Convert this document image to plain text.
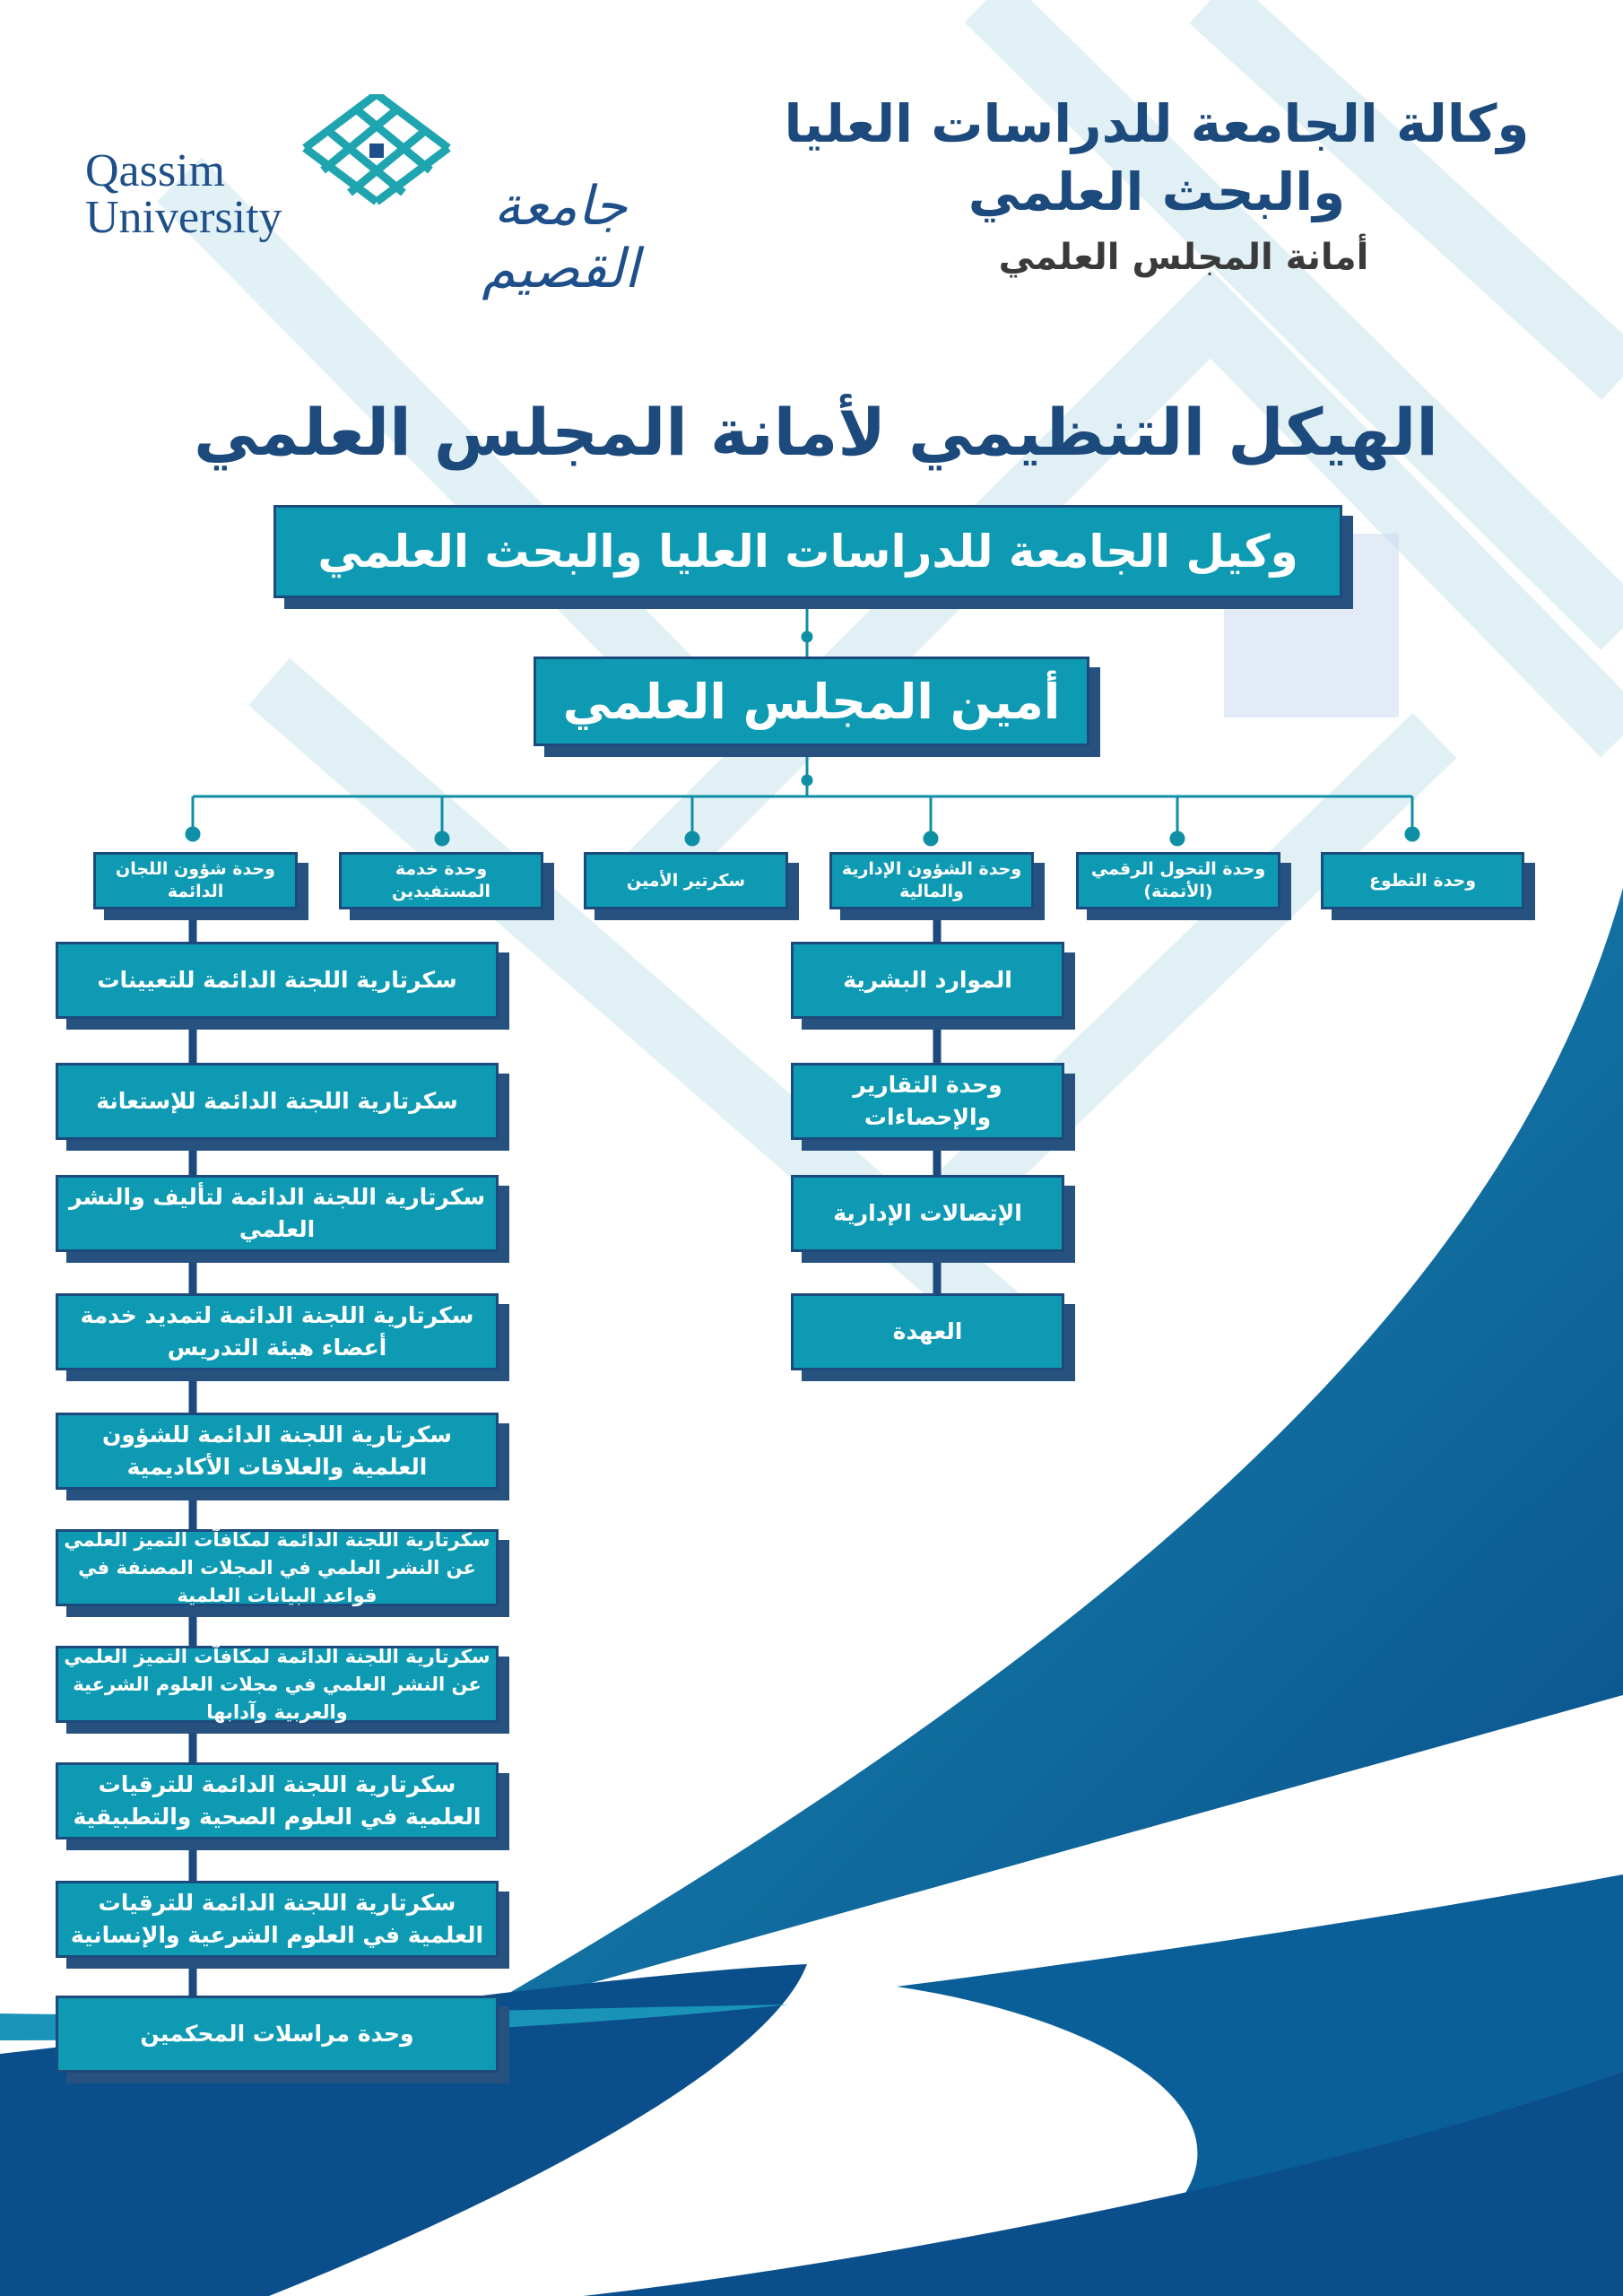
وكالة الجامعة للدراسات العليا والبحث العلمي
أمانة المجلس العلمي
Qassim
University	جامعة القصيم
الهيكل التنظيمي لأمانة المجلس العلمي
وكيل الجامعة للدراسات العليا والبحث العلمي
أمين المجلس العلمي
وحدة التطوع
وحدة التحول الرقمي (الأتمتة)
وحدة الشؤون الإدارية والمالية
سكرتير الأمين
وحدة خدمة المستفيدين
وحدة شؤون اللجان الدائمة
الموارد البشرية
وحدة التقارير والإحصاءات
الإتصالات الإدارية
العهدة
سكرتارية اللجنة الدائمة للتعيينات
سكرتارية اللجنة الدائمة للإستعانة
سكرتارية اللجنة الدائمة لتأليف والنشر العلمي
سكرتارية اللجنة الدائمة لتمديد خدمة أعضاء هيئة التدريس
سكرتارية اللجنة الدائمة للشؤون العلمية والعلاقات الأكاديمية
سكرتارية اللجنة الدائمة لمكافآت التميز العلمي عن النشر العلمي في المجلات المصنفة في قواعد البيانات العلمية
سكرتارية اللجنة الدائمة لمكافآت التميز العلمي عن النشر العلمي في مجلات العلوم الشرعية والعربية وآدابها
سكرتارية اللجنة الدائمة للترقيات العلمية في العلوم الصحية والتطبيقية
سكرتارية اللجنة الدائمة للترقيات العلمية في العلوم الشرعية والإنسانية
وحدة مراسلات المحكمين
